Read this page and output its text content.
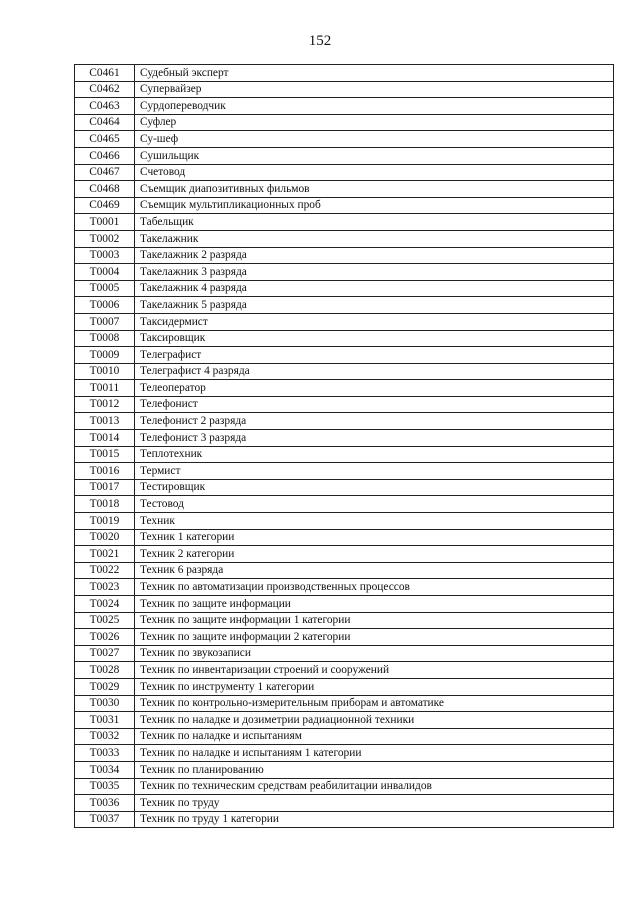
152
C0461	Судебный эксперт
C0462	Супервайзер
C0463	Сурдопереводчик
C0464	Суфлер
C0465	Су-шеф
C0466	Сушильщик
C0467	Счетовод
C0468	Съемщик диапозитивных фильмов
C0469	Съемщик мультипликационных проб
T0001	Табельщик
T0002	Такелажник
T0003	Такелажник 2 разряда
T0004	Такелажник 3 разряда
T0005	Такелажник 4 разряда
T0006	Такелажник 5 разряда
T0007	Таксидермист
T0008	Таксировщик
T0009	Телеграфист
T0010	Телеграфист 4 разряда
T0011	Телеоператор
T0012	Телефонист
T0013	Телефонист 2 разряда
T0014	Телефонист 3 разряда
T0015	Теплотехник
T0016	Термист
T0017	Тестировщик
T0018	Тестовод
T0019	Техник
T0020	Техник 1 категории
T0021	Техник 2 категории
T0022	Техник 6 разряда
T0023	Техник по автоматизации производственных процессов
T0024	Техник по защите информации
T0025	Техник по защите информации 1 категории
T0026	Техник по защите информации 2 категории
T0027	Техник по звукозаписи
T0028	Техник по инвентаризации строений и сооружений
T0029	Техник по инструменту 1 категории
T0030	Техник по контрольно-измерительным приборам и автоматике
T0031	Техник по наладке и дозиметрии радиационной техники
T0032	Техник по наладке и испытаниям
T0033	Техник по наладке и испытаниям 1 категории
T0034	Техник по планированию
T0035	Техник по техническим средствам реабилитации инвалидов
T0036	Техник по труду
T0037	Техник по труду 1 категории
